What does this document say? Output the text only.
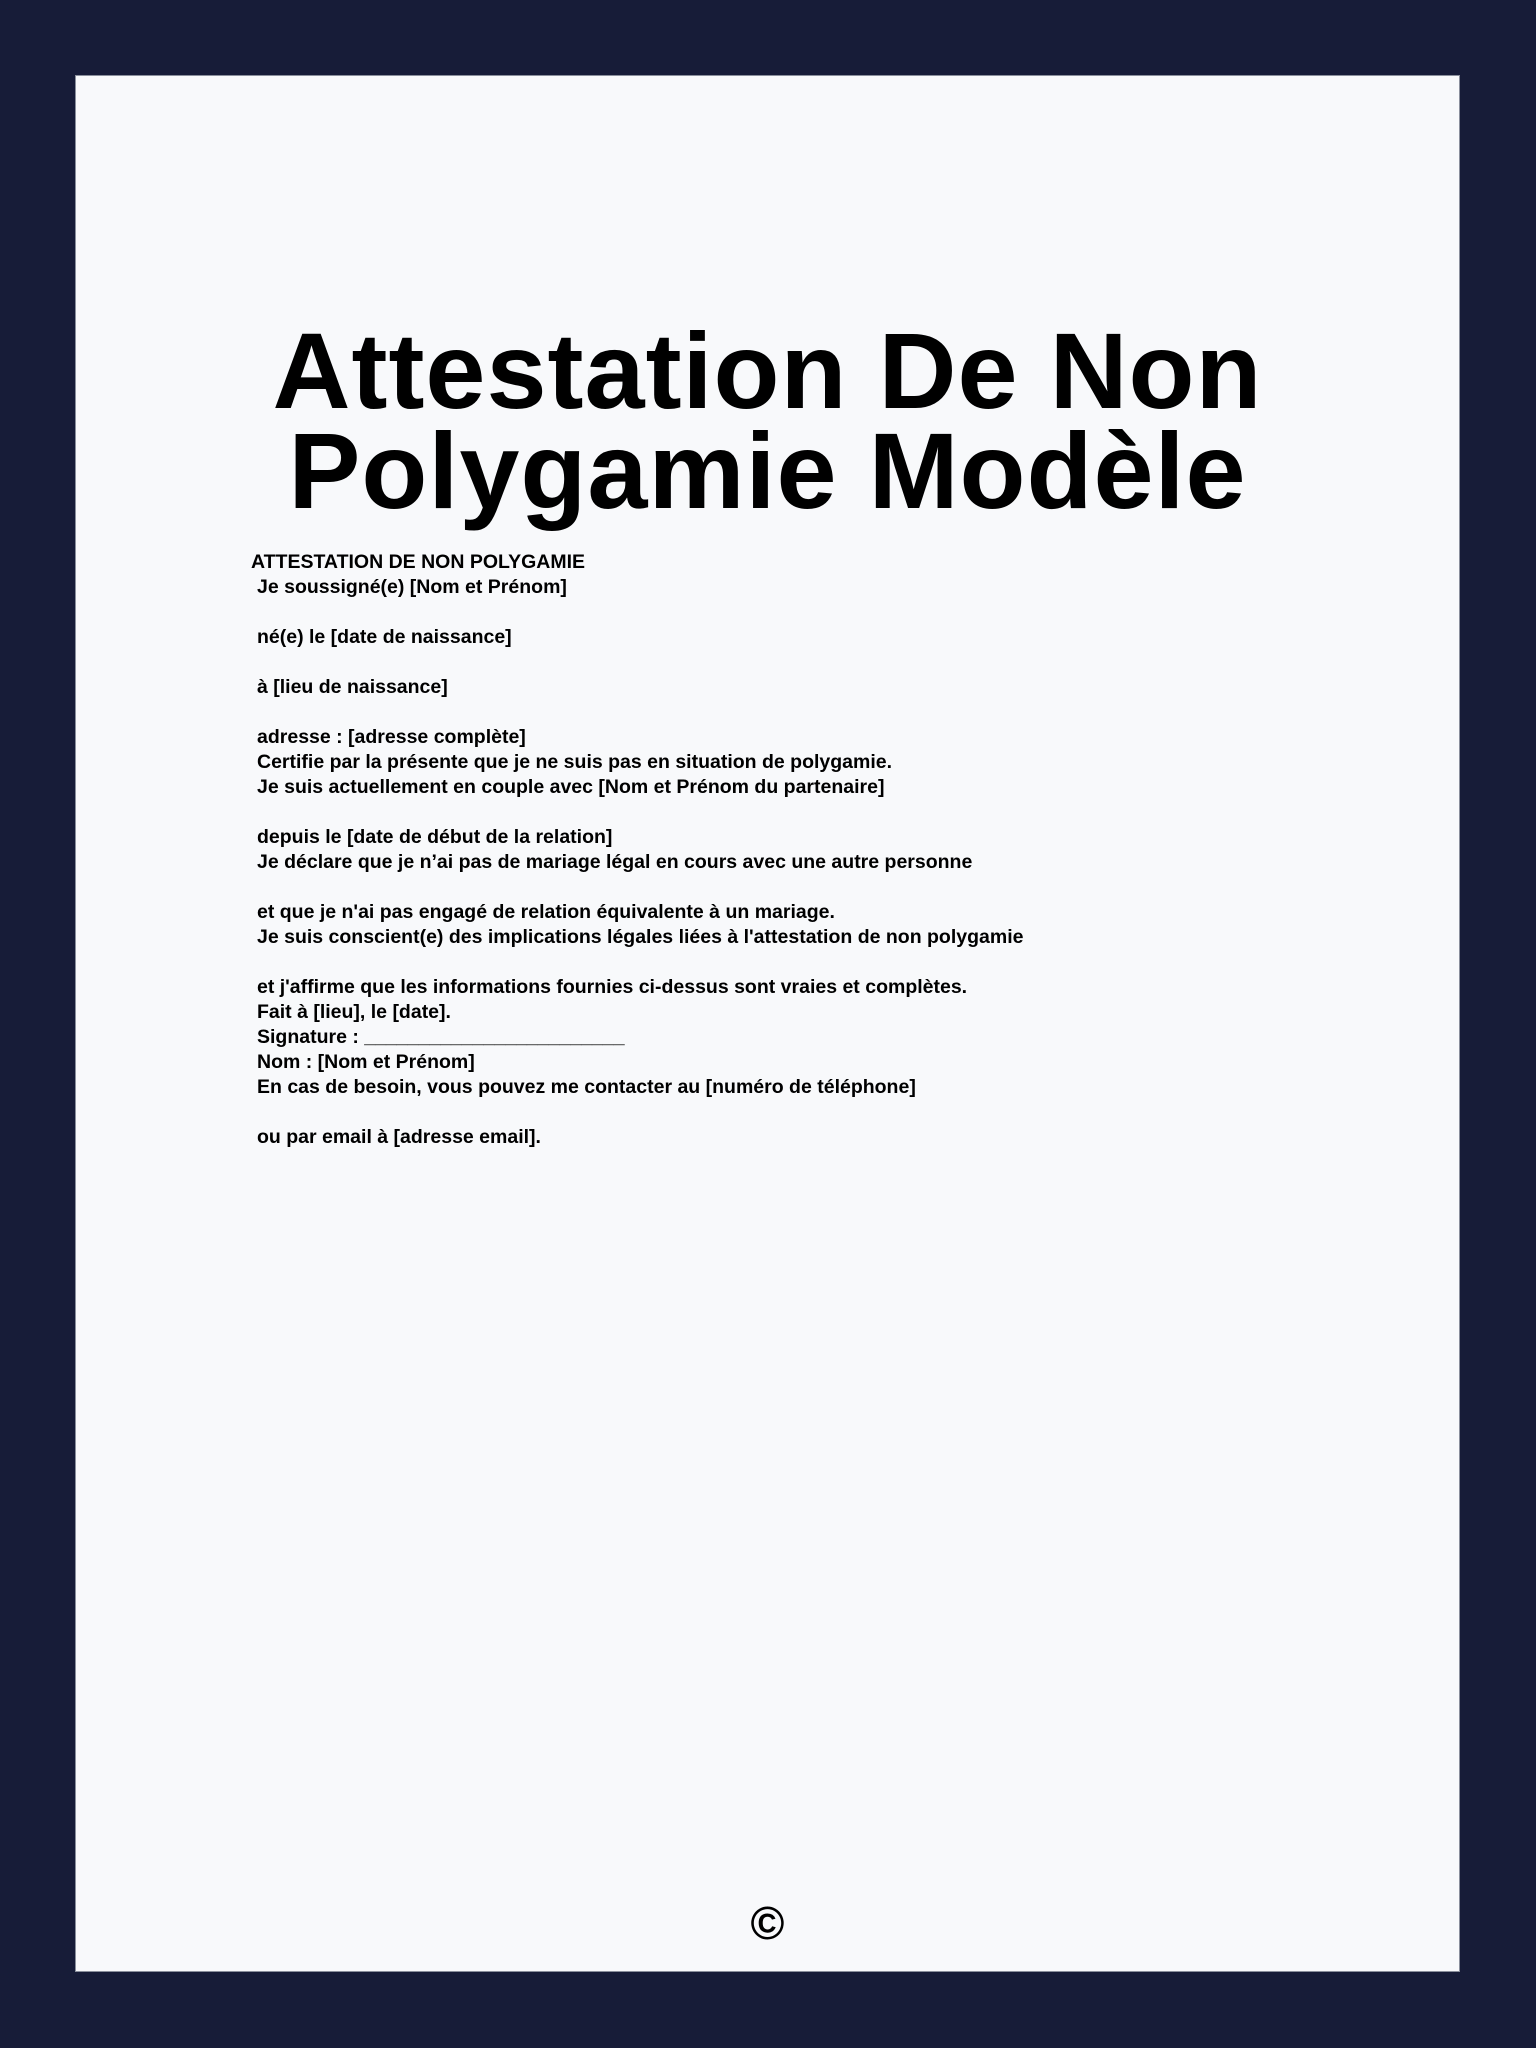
Attestation De Non
Polygamie Modèle
ATTESTATION DE NON POLYGAMIE
Je soussigné(e) [Nom et Prénom]
né(e) le [date de naissance]
à [lieu de naissance]
adresse : [adresse complète]
Certifie par la présente que je ne suis pas en situation de polygamie.
Je suis actuellement en couple avec [Nom et Prénom du partenaire]
depuis le [date de début de la relation]
Je déclare que je n’ai pas de mariage légal en cours avec une autre personne
et que je n'ai pas engagé de relation équivalente à un mariage.
Je suis conscient(e) des implications légales liées à l'attestation de non polygamie
et j'affirme que les informations fournies ci-dessus sont vraies et complètes.
Fait à [lieu], le [date].
Signature : ________________________
Nom : [Nom et Prénom]
En cas de besoin, vous pouvez me contacter au [numéro de téléphone]
ou par email à [adresse email].
©
